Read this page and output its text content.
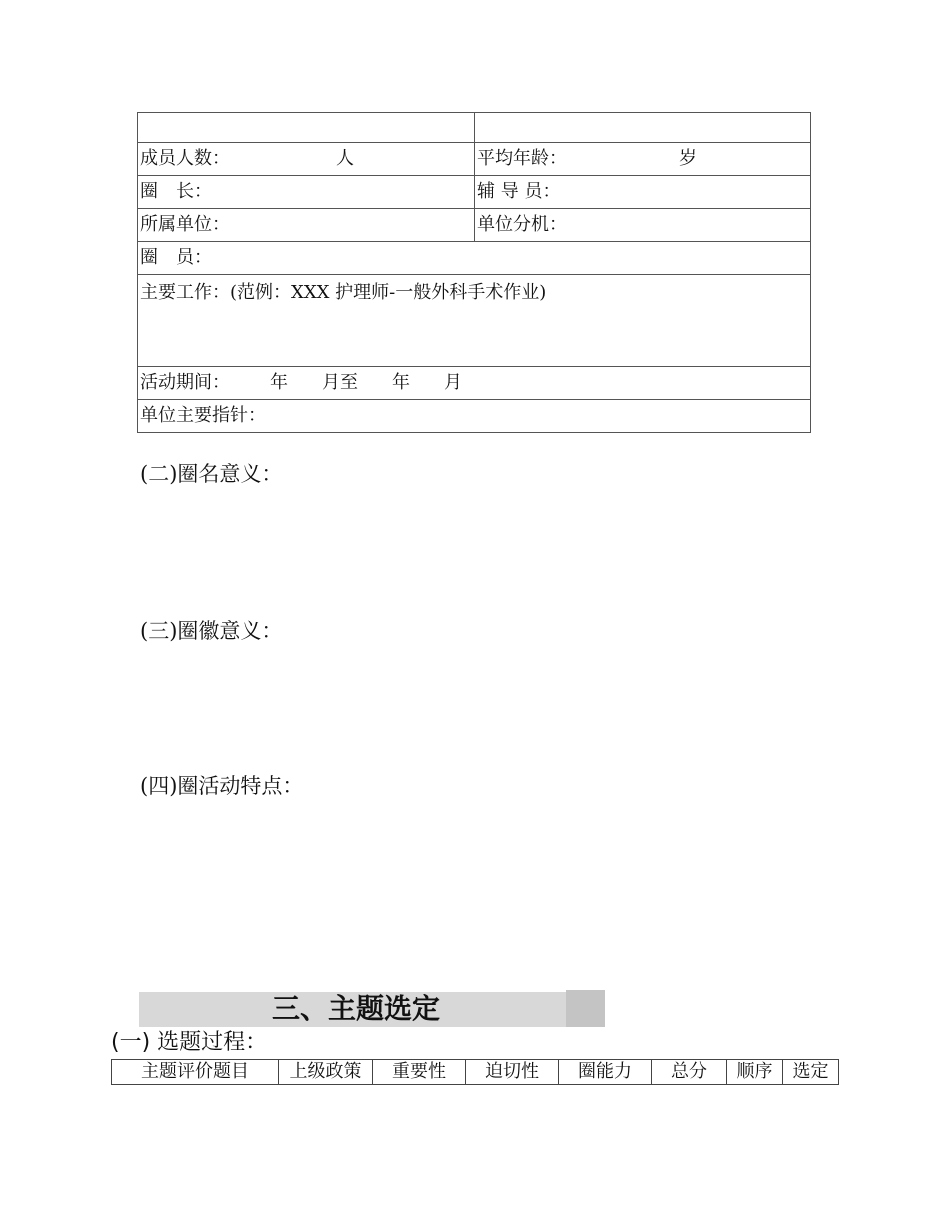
成员人数： 人	平均年龄： 岁
圈　长：	辅 导 员：
所属单位：	单位分机：
圈　员：	
主要工作：(范例：XXX 护理师-一般外科手术作业)	
活动期间： 年 月至 年 月	
单位主要指针：	
(二)圈名意义：
(三)圈徽意义：
(四)圈活动特点：
三、主题选定
(一) 选题过程：
主题评价题目	上级政策	重要性	迫切性	圈能力	总分	顺序	选定
